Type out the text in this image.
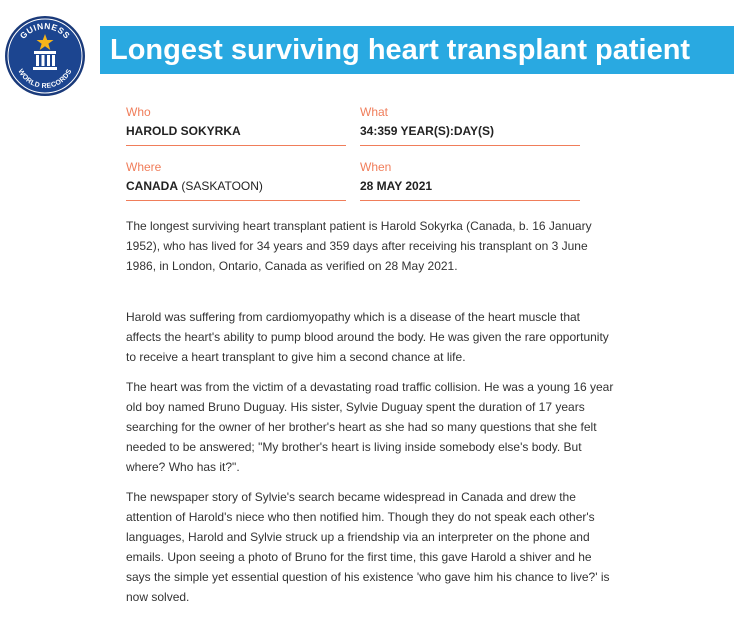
GUINNESS
WORLD RECORDS
Longest surviving heart transplant patient
Who
HAROLD SOKYRKA
What
34:359 YEAR(S):DAY(S)
Where
CANADA (SASKATOON)
When
28 MAY 2021

The longest surviving heart transplant patient is Harold Sokyrka (Canada, b. 16 January 1952), who has lived for 34 years and 359 days after receiving his transplant on 3 June 1986, in London, Ontario, Canada as verified on 28 May 2021.

Harold was suffering from cardiomyopathy which is a disease of the heart muscle that affects the heart's ability to pump blood around the body. He was given the rare opportunity to receive a heart transplant to give him a second chance at life.

The heart was from the victim of a devastating road traffic collision. He was a young 16 year old boy named Bruno Duguay. His sister, Sylvie Duguay spent the duration of 17 years searching for the owner of her brother's heart as she had so many questions that she felt needed to be answered; "My brother's heart is living inside somebody else's body. But where? Who has it?".

The newspaper story of Sylvie's search became widespread in Canada and drew the attention of Harold's niece who then notified him. Though they do not speak each other's languages, Harold and Sylvie struck up a friendship via an interpreter on the phone and emails. Upon seeing a photo of Bruno for the first time, this gave Harold a shiver and he says the simple yet essential question of his existence 'who gave him his chance to live?' is now solved.
